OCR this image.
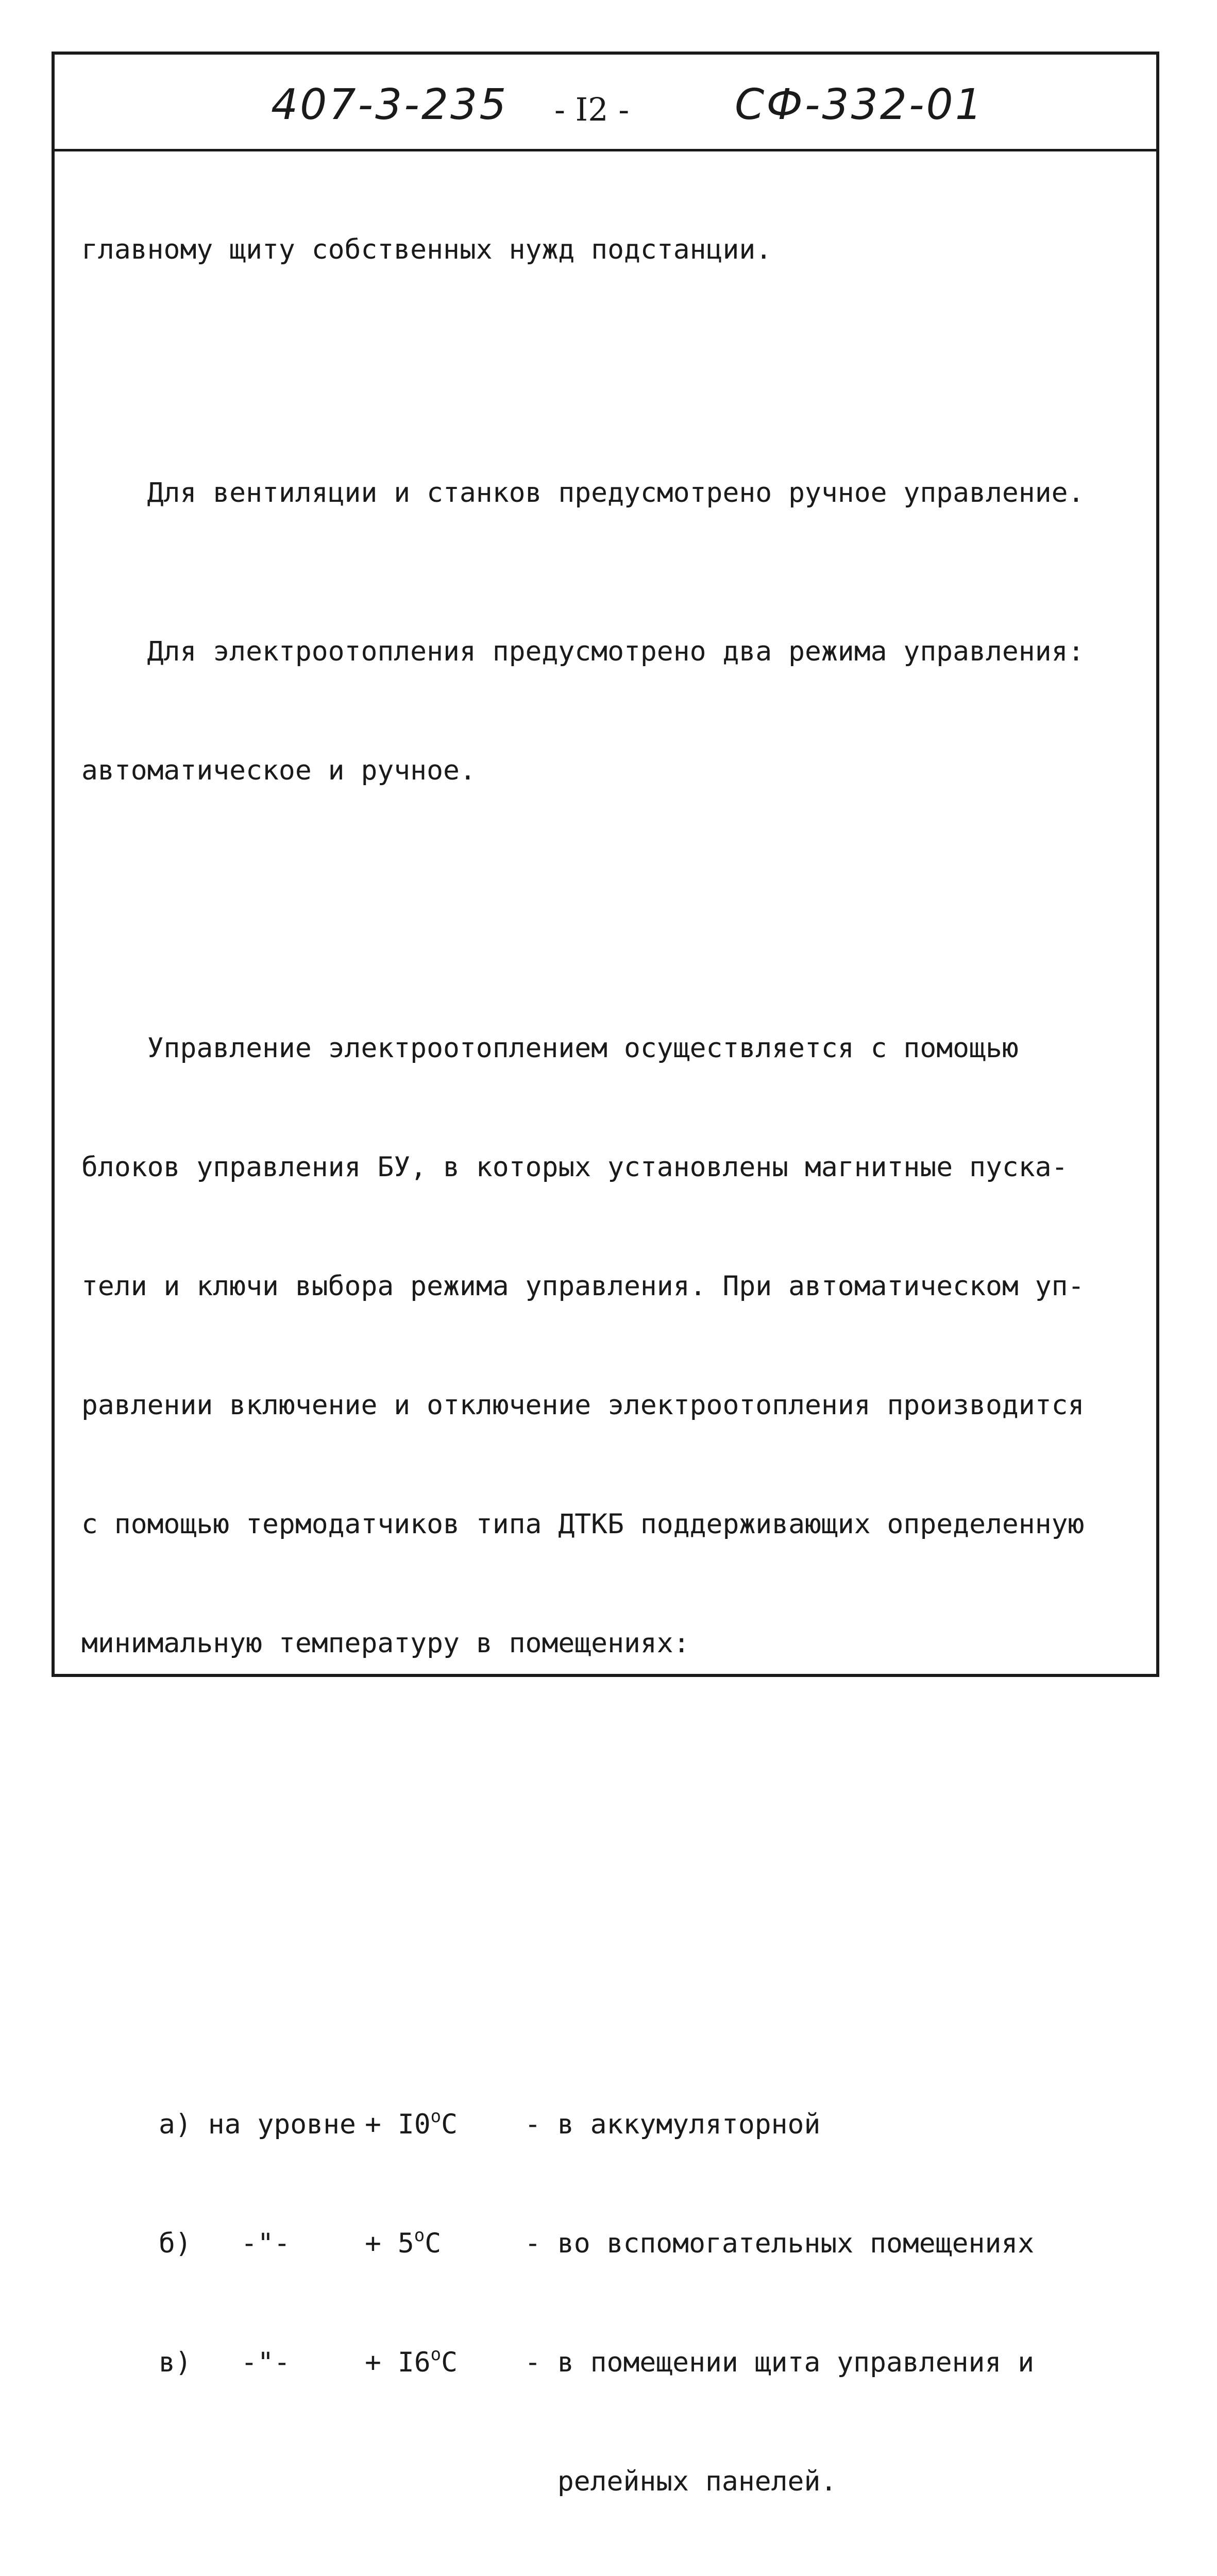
407-3-235 - I2 - СФ-332-01

главному щиту собственных нужд подстанции.

Для вентиляции и станков предусмотрено ручное управление.

Для электроотопления предусмотрено два режима управления:

автоматическое и ручное.

Управление электроотоплением осуществляется с помощью

блоков управления БУ, в которых установлены магнитные пуска-

тели и ключи выбора режима управления. При автоматическом уп-

равлении включение и отключение электроотопления производится

с помощью термодатчиков типа ДТКБ поддерживающих определенную

минимальную температуру в помещениях:

а) на уровне + $I0^оС$	- в аккумуляторной

б)   -"-	+ $5^оС$	- во вспомогательных помещениях

в)   -"-	+ $I6^оС$	- в помещении щита управления и

релейных панелей.
